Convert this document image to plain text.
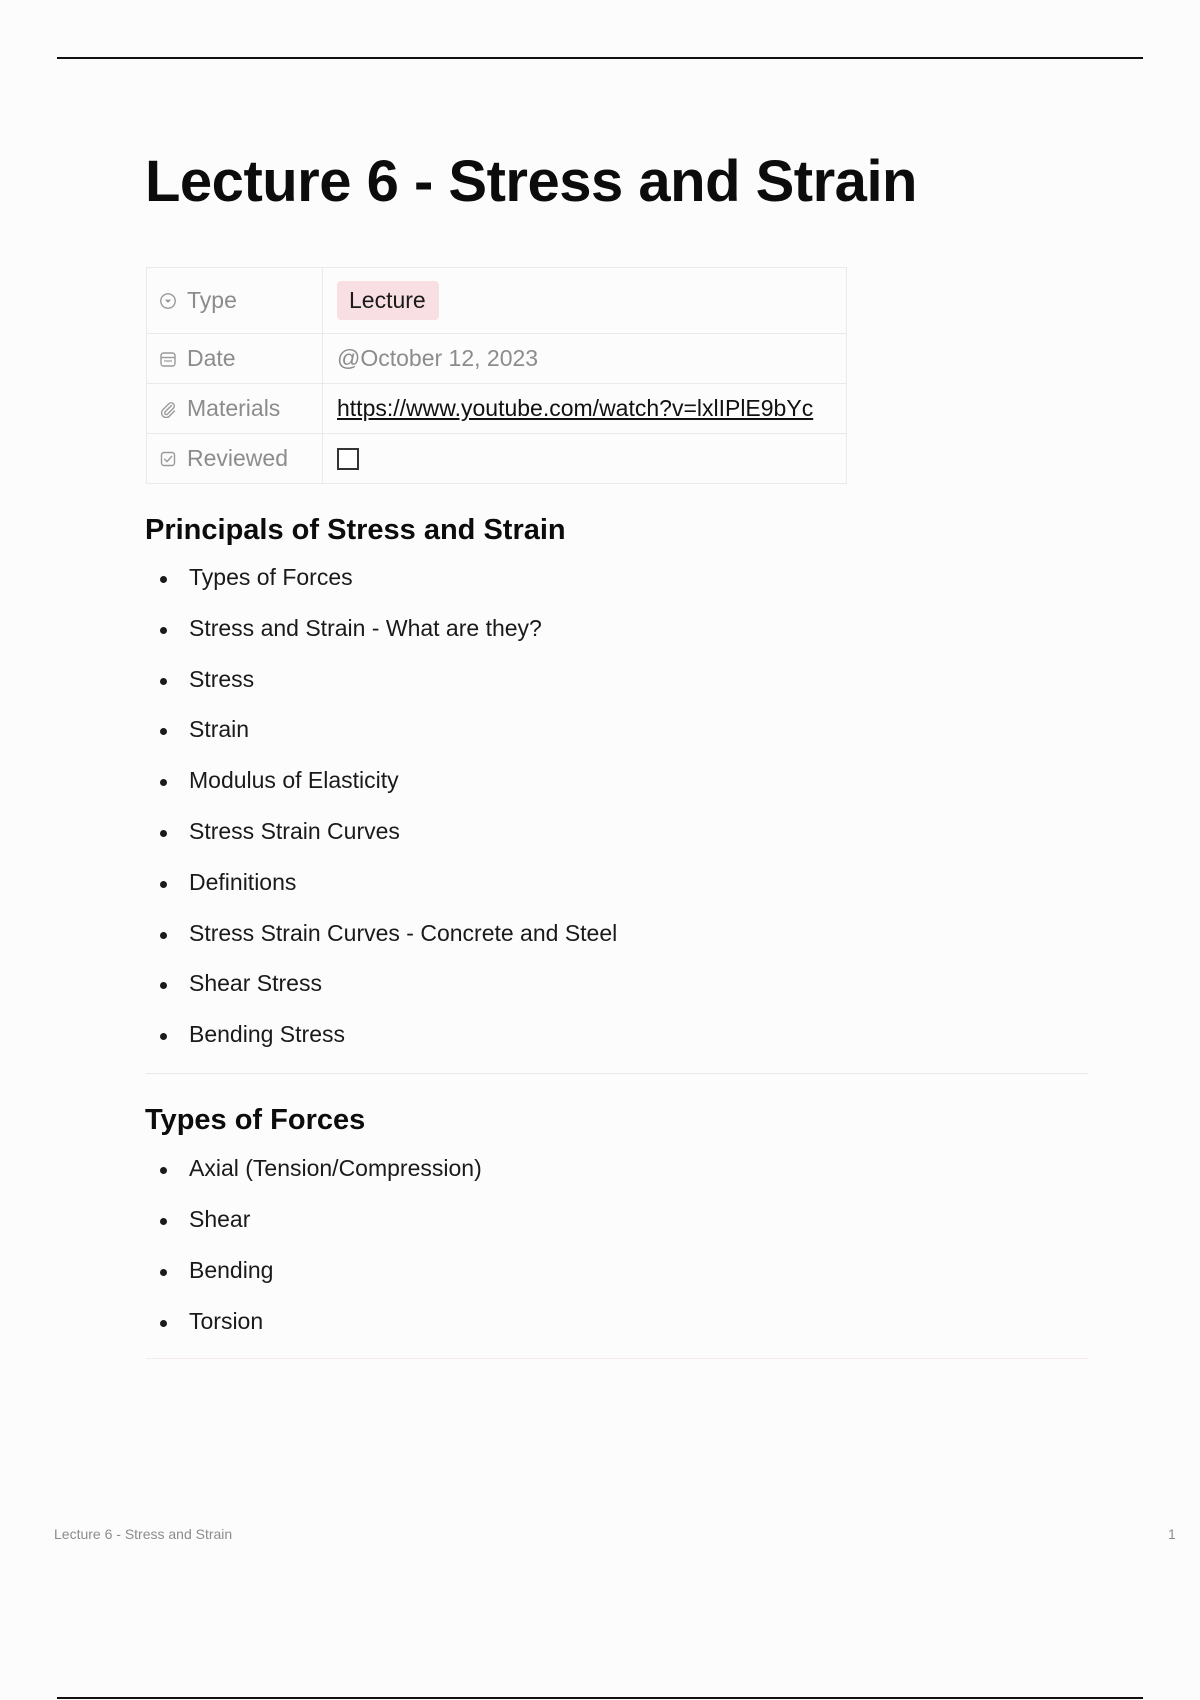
Lecture 6 - Stress and Strain
Type	Lecture

Date	@October 12, 2023

Materials	https://www.youtube.com/watch?v=lxlIPlE9bYc

Reviewed	
Principals of Stress and Strain
Types of Forces
Stress and Strain - What are they?
Stress
Strain
Modulus of Elasticity
Stress Strain Curves
Definitions
Stress Strain Curves - Concrete and Steel
Shear Stress
Bending Stress
Types of Forces
Axial (Tension/Compression)
Shear
Bending
Torsion
Lecture 6 - Stress and Strain	1
